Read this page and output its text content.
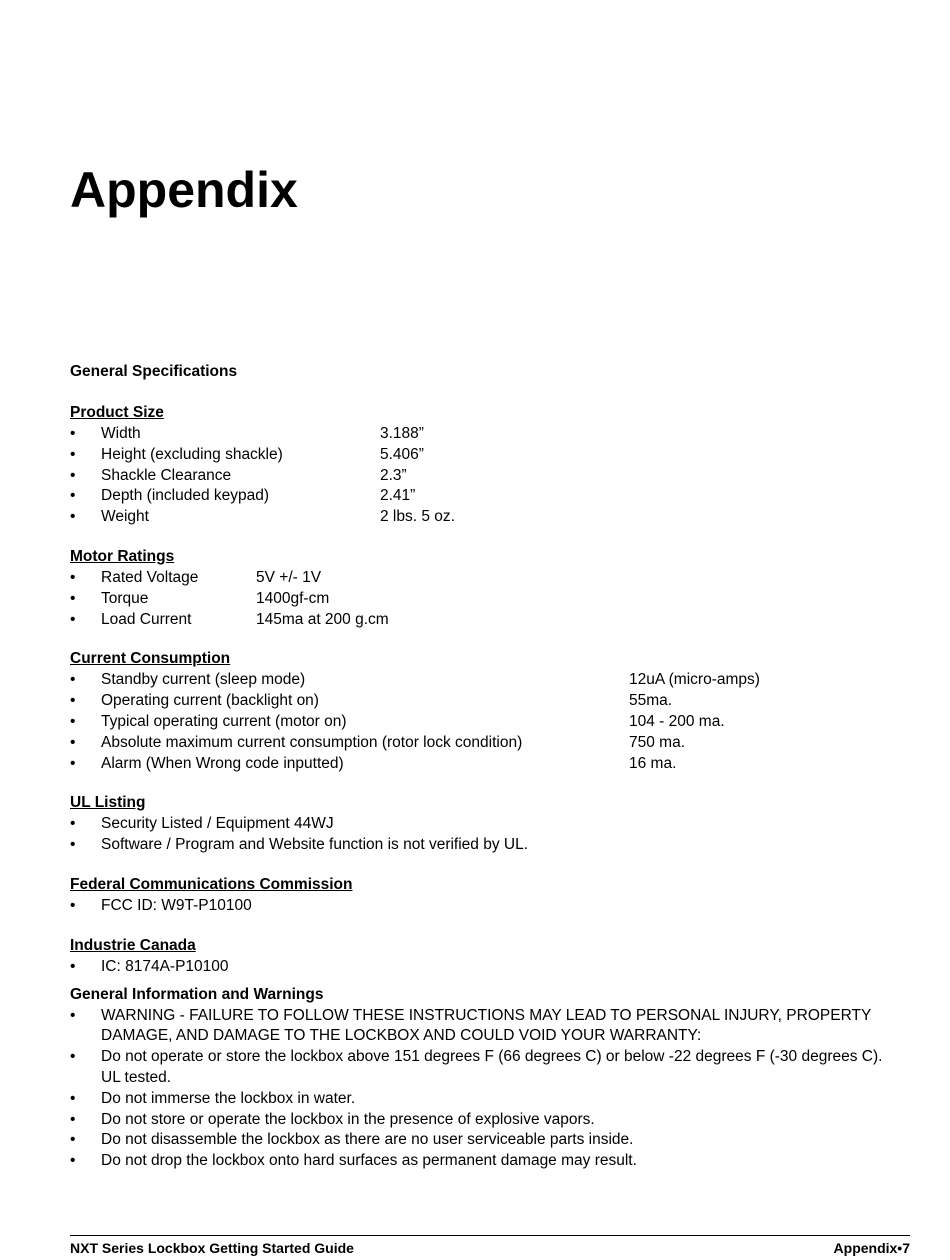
Appendix
General Specifications
Product Size
• Width	3.188”
• Height (excluding shackle)	5.406”
• Shackle Clearance	2.3”
• Depth (included keypad)	2.41”
• Weight	2 lbs. 5 oz.
Motor Ratings
• Rated Voltage	5V +/- 1V
• Torque	1400gf-cm
• Load Current	145ma at 200 g.cm
Current Consumption
• Standby current (sleep mode)	12uA (micro-amps)
• Operating current (backlight on)	55ma.
• Typical operating current (motor on)	104 - 200 ma.
• Absolute maximum current consumption (rotor lock condition)	750 ma.
• Alarm (When Wrong code inputted)	16 ma.
UL Listing
• Security Listed / Equipment 44WJ
• Software / Program and Website function is not verified by UL.
Federal Communications Commission
• FCC ID: W9T-P10100
Industrie Canada
• IC: 8174A-P10100
General Information and Warnings
• WARNING - FAILURE TO FOLLOW THESE INSTRUCTIONS MAY LEAD TO PERSONAL INJURY, PROPERTY DAMAGE, AND DAMAGE TO THE LOCKBOX AND COULD VOID YOUR WARRANTY:
• Do not operate or store the lockbox above 151 degrees F (66 degrees C) or below -22 degrees F (-30 degrees C). UL tested.
• Do not immerse the lockbox in water.
• Do not store or operate the lockbox in the presence of explosive vapors.
• Do not disassemble the lockbox as there are no user serviceable parts inside.
• Do not drop the lockbox onto hard surfaces as permanent damage may result.
NXT Series Lockbox Getting Started Guide	Appendix•7
